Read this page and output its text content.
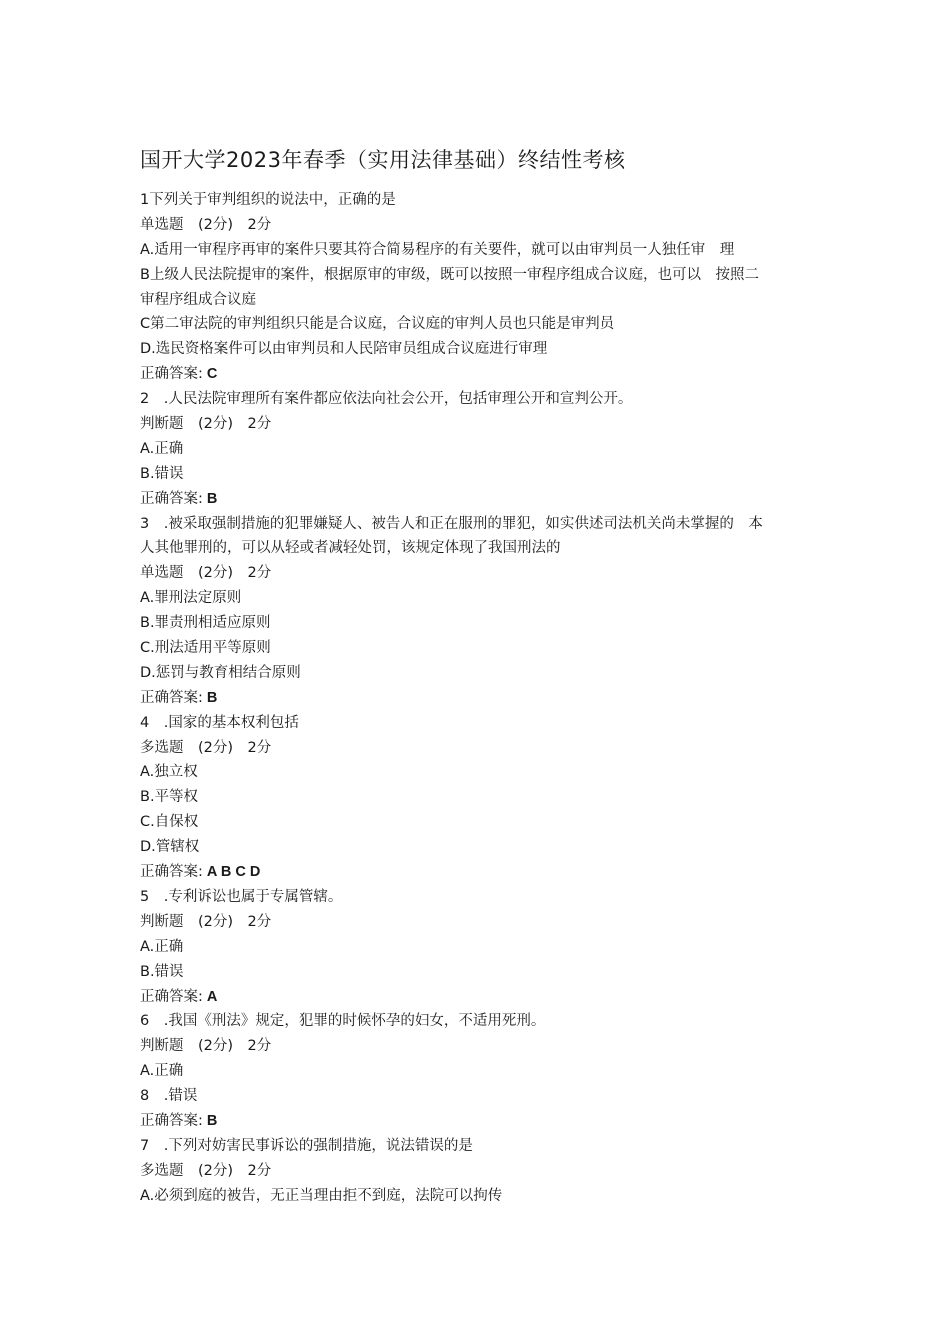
国开大学2023年春季（实用法律基础）终结性考核
1下列关于审判组织的说法中，正确的是
单选题　(2分)　2分
A.适用一审程序再审的案件只要其符合简易程序的有关要件，就可以由审判员一人独任审　理
B上级人民法院提审的案件，根据原审的审级，既可以按照一审程序组成合议庭，也可以　按照二
审程序组成合议庭
C第二审法院的审判组织只能是合议庭，合议庭的审判人员也只能是审判员
D.选民资格案件可以由审判员和人民陪审员组成合议庭进行审理
正确答案: C
2　.人民法院审理所有案件都应依法向社会公开，包括审理公开和宣判公开。
判断题　(2分)　2分
A.正确
B.错误
正确答案: B
3　.被采取强制措施的犯罪嫌疑人、被告人和正在服刑的罪犯，如实供述司法机关尚未掌握的　本
人其他罪刑的，可以从轻或者减轻处罚，该规定体现了我国刑法的
单选题　(2分)　2分
A.罪刑法定原则
B.罪责刑相适应原则
C.刑法适用平等原则
D.惩罚与教育相结合原则
正确答案: B
4　.国家的基本权利包括
多选题　(2分)　2分
A.独立权
B.平等权
C.自保权
D.管辖权
正确答案: A B C D
5　.专利诉讼也属于专属管辖。
判断题　(2分)　2分
A.正确
B.错误
正确答案: A
6　.我国《刑法》规定，犯罪的时候怀孕的妇女，不适用死刑。
判断题　(2分)　2分
A.正确
8　.错误
正确答案: B
7　.下列对妨害民事诉讼的强制措施，说法错误的是
多选题　(2分)　2分
A.必须到庭的被告，无正当理由拒不到庭，法院可以拘传
